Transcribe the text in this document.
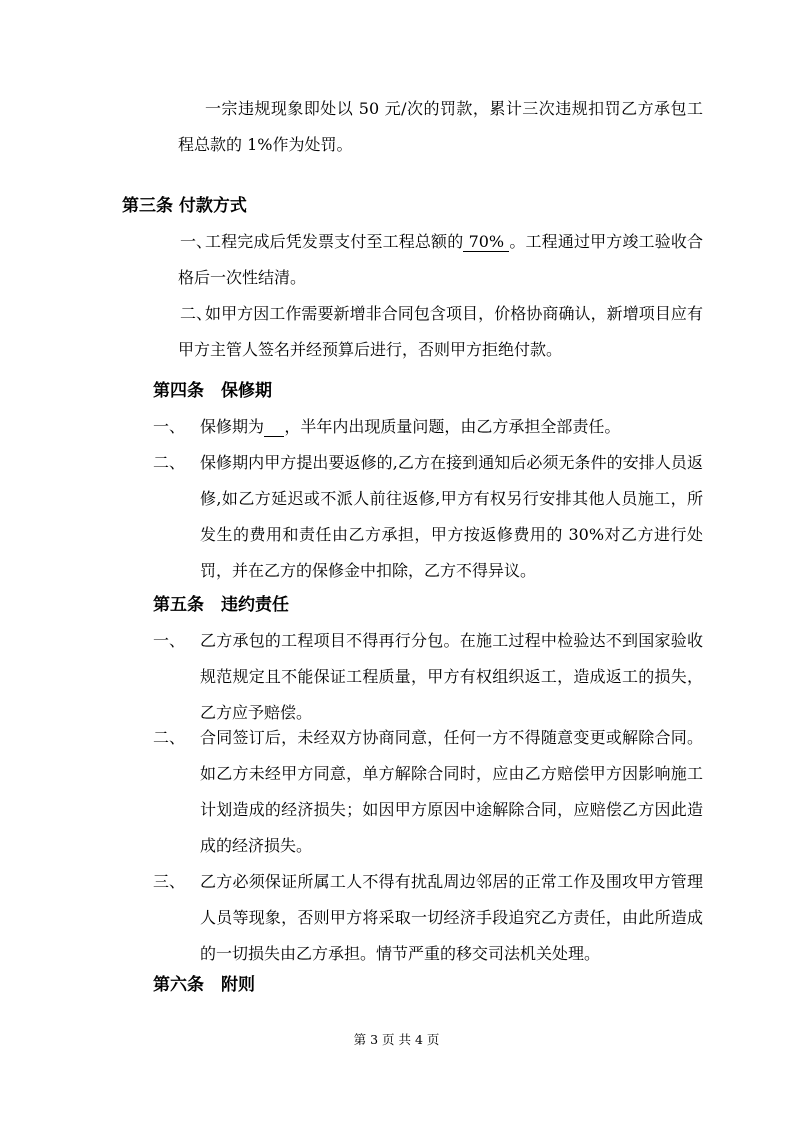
一宗违规现象即处以 50 元/次的罚款，累计三次违规扣罚乙方承包工程总款的 1%作为处罚。

第三条 付款方式
一、
工程完成后凭发票支付至工程总额的 70% 。工程通过甲方竣工验收合格后一次性结清。
二、
如甲方因工作需要新增非合同包含项目，价格协商确认，新增项目应有甲方主管人签名并经预算后进行，否则甲方拒绝付款。
第四条　保修期
一、 保修期为 ，半年内出现质量问题，由乙方承担全部责任。
二、 保修期内甲方提出要返修的,乙方在接到通知后必须无条件的安排人员返修,如乙方延迟或不派人前往返修,甲方有权另行安排其他人员施工，所发生的费用和责任由乙方承担，甲方按返修费用的 30%对乙方进行处罚，并在乙方的保修金中扣除，乙方不得异议。
第五条　违约责任
一、 乙方承包的工程项目不得再行分包。在施工过程中检验达不到国家验收规范规定且不能保证工程质量，甲方有权组织返工，造成返工的损失，乙方应予赔偿。
二、 合同签订后，未经双方协商同意，任何一方不得随意变更或解除合同。如乙方未经甲方同意，单方解除合同时，应由乙方赔偿甲方因影响施工计划造成的经济损失；如因甲方原因中途解除合同，应赔偿乙方因此造成的经济损失。
三、 乙方必须保证所属工人不得有扰乱周边邻居的正常工作及围攻甲方管理人员等现象，否则甲方将采取一切经济手段追究乙方责任，由此所造成的一切损失由乙方承担。情节严重的移交司法机关处理。
第六条　附则
第 3 页 共 4 页
